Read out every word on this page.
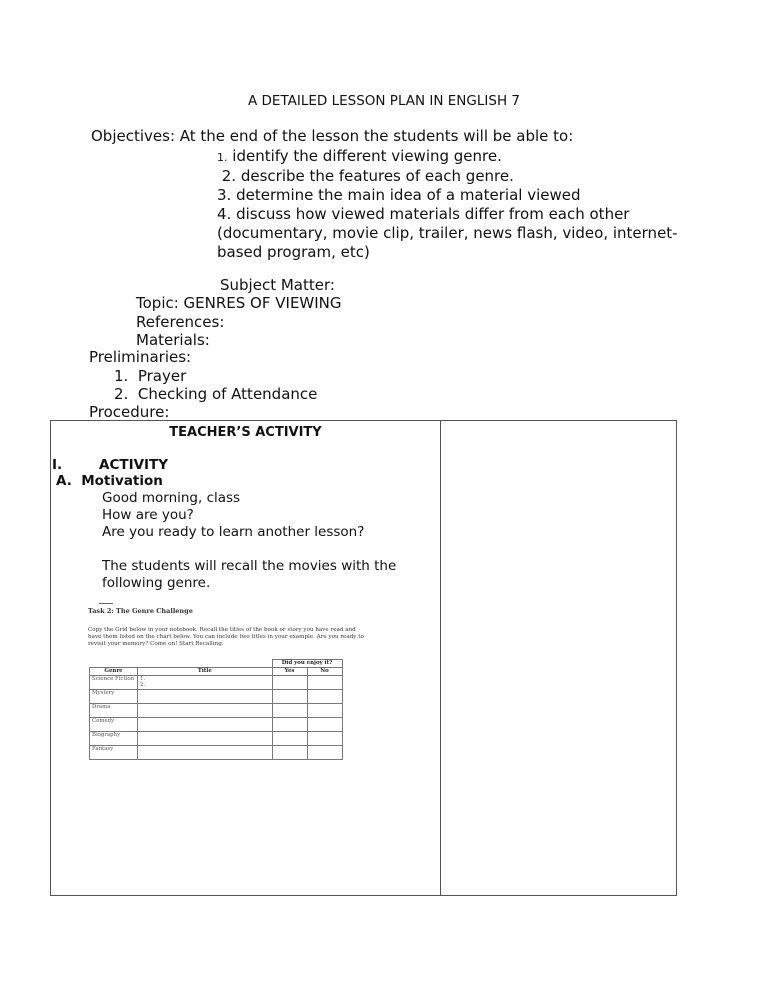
A DETAILED LESSON PLAN IN ENGLISH 7
Objectives: At the end of the lesson the students will be able to:
1. identify the different viewing genre.
2. describe the features of each genre.
3. determine the main idea of a material viewed
4. discuss how viewed materials differ from each other
(documentary, movie clip, trailer, news flash, video, internet-
based program, etc)
Subject Matter:
Topic: GENRES OF VIEWING
References:
Materials:
Preliminaries:
1.  Prayer
2.  Checking of Attendance
Procedure:
TEACHER’S ACTIVITY
I.	ACTIVITY
A.  Motivation
Good morning, class
How are you?
Are you ready to learn another lesson?
The students will recall the movies with the
following genre.
Task 2: The Genre Challenge
Copy the Grid below in your notebook. Recall the titles of the book or story you have read and have them listed on the chart below. You can include two titles in your example. Are you ready to revisit your memory? Come on! Start Recalling.
		Did you enjoy it?	
Genre	Title	Yes	No
Science Fiction	1.
2.		
Mystery			
Drama			
Comedy			
Biography			
Fantasy			
